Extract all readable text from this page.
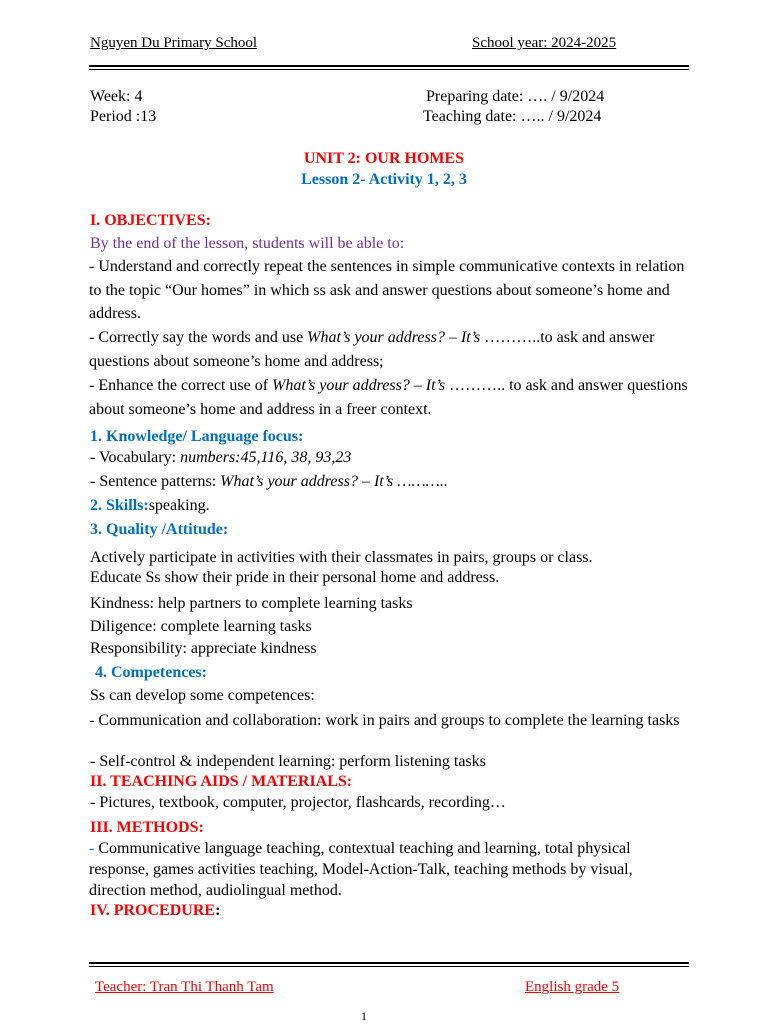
Nguyen Du Primary School	School year: 2024-2025
Week: 4
Period :13
Preparing date: …. / 9/2024
Teaching date: ….. / 9/2024
UNIT 2: OUR HOMES
Lesson 2- Activity 1, 2, 3
I. OBJECTIVES:
By the end of the lesson, students will be able to:
- Understand and correctly repeat the sentences in simple communicative contexts in relation to the topic “Our homes” in which ss ask and answer questions about someone’s home and address.
- Correctly say the words and use What’s your address? – It’s ………..to ask and answer questions about someone’s home and address;
- Enhance the correct use of What’s your address? – It’s ……….. to ask and answer questions about someone’s home and address in a freer context.
1. Knowledge/ Language focus:
- Vocabulary: numbers:45,116, 38, 93,23
- Sentence patterns: What’s your address? – It’s ………..
2. Skills:speaking.
3. Quality /Attitude:
Actively participate in activities with their classmates in pairs, groups or class.
Educate Ss show their pride in their personal home and address.
Kindness: help partners to complete learning tasks
Diligence: complete learning tasks
Responsibility: appreciate kindness
4. Competences:
Ss can develop some competences:
- Communication and collaboration: work in pairs and groups to complete the learning tasks
- Self-control & independent learning: perform listening tasks
II. TEACHING AIDS / MATERIALS:
- Pictures, textbook, computer, projector, flashcards, recording…
III. METHODS:
- Communicative language teaching, contextual teaching and learning, total physical response, games activities teaching, Model-Action-Talk, teaching methods by visual, direction method, audiolingual method.
IV. PROCEDURE:
Teacher: Tran Thi Thanh Tam	English grade 5
1
